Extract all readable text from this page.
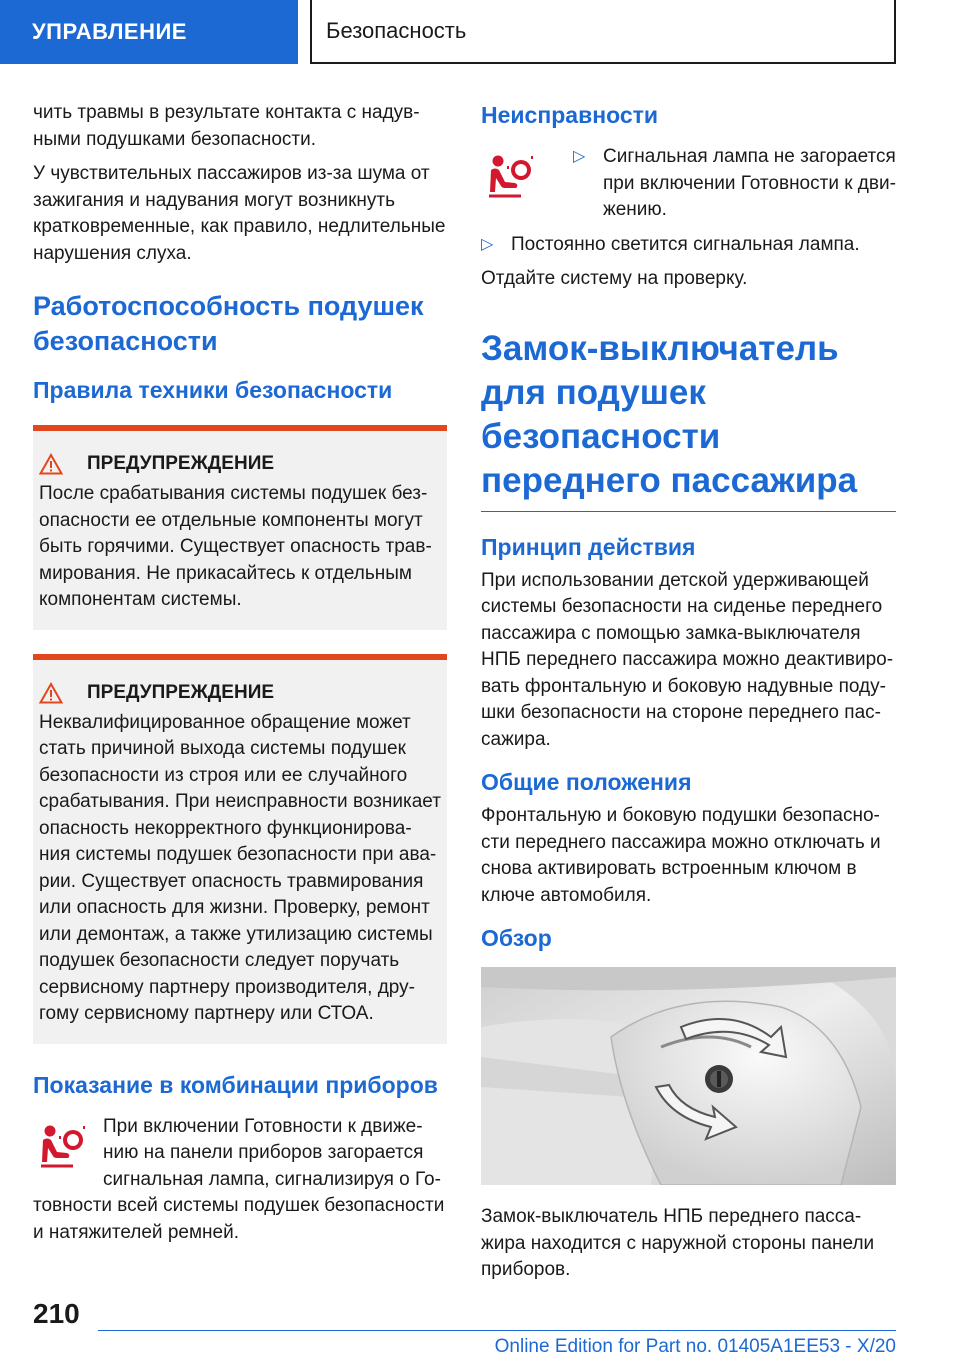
УПРАВЛЕНИЕ	Безопасность

чить травмы в результате контакта с надув-ными подушками безопасности.

У чувствительных пассажиров из-за шума от зажигания и надувания могут возникнуть кратковременные, как правило, недлительные нарушения слуха.

Работоспособность подушек безопасности
Правила техники безопасности
ПРЕДУПРЕЖДЕНИЕ

После срабатывания системы подушек без-опасности ее отдельные компоненты могут быть горячими. Существует опасность трав-мирования. Не прикасайтесь к отдельным компонентам системы.

ПРЕДУПРЕЖДЕНИЕ

Неквалифицированное обращение может стать причиной выхода системы подушек безопасности из строя или ее случайного срабатывания. При неисправности возникает опасность некорректного функционирова-ния системы подушек безопасности при ава-рии. Существует опасность травмирования или опасность для жизни. Проверку, ремонт или демонтаж, а также утилизацию системы подушек безопасности следует поручать сервисному партнеру производителя, дру-гому сервисному партнеру или СТОА.

Показание в комбинации приборов

При включении Готовности к движе-нию на панели приборов загорается сигнальная лампа, сигнализируя о Го-товности всей системы подушек безопасности и натяжителей ремней.

Неисправности
▷ Сигнальная лампа не загорается при включении Готовности к дви-жению.
▷ Постоянно светится сигнальная лампа.

Отдайте систему на проверку.

Замок-выключатель для подушек безопасности переднего пассажира
Принцип действия

При использовании детской удерживающей системы безопасности на сиденье переднего пассажира с помощью замка-выключателя НПБ переднего пассажира можно деактивиро-вать фронтальную и боковую надувные поду-шки безопасности на стороне переднего пас-сажира.

Общие положения

Фронтальную и боковую подушки безопасно-сти переднего пассажира можно отключать и снова активировать встроенным ключом в ключе автомобиля.

Обзор

Замок-выключатель НПБ переднего пасса-жира находится с наружной стороны панели приборов.

210
Online Edition for Part no. 01405A1EE53 - X/20
